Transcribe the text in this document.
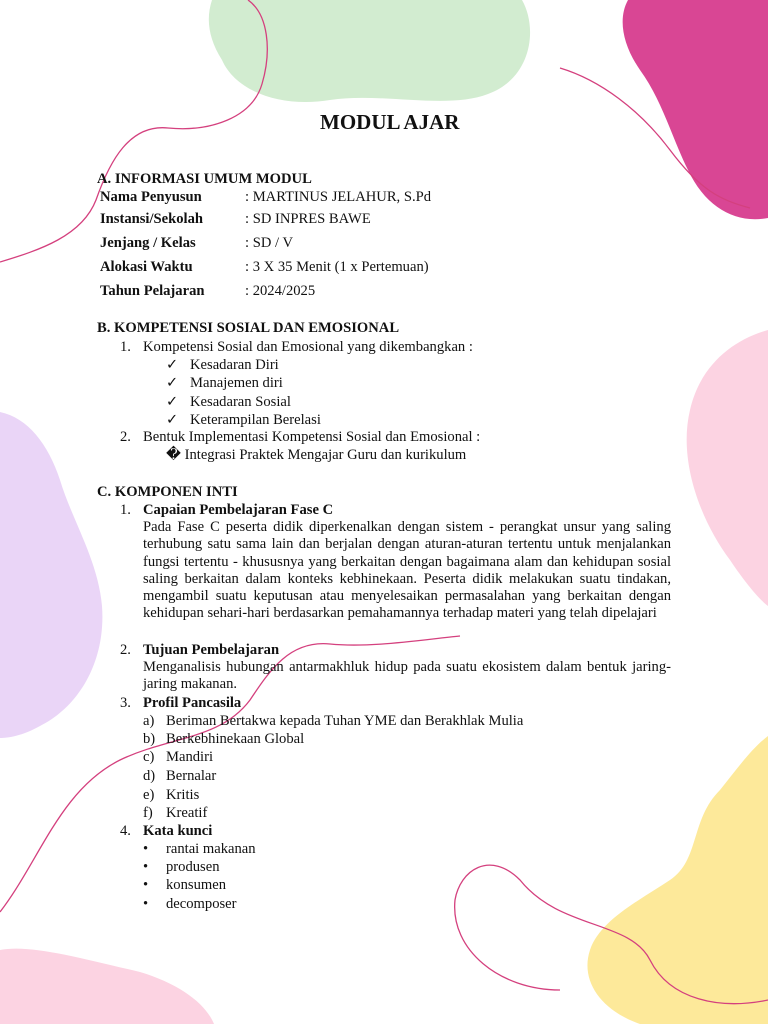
MODUL AJAR
A. INFORMASI UMUM MODUL
Nama Penyusun	: MARTINUS JELAHUR, S.Pd
Instansi/Sekolah	: SD INPRES BAWE
Jenjang / Kelas	: SD / V
Alokasi Waktu	: 3 X 35 Menit (1 x Pertemuan)
Tahun Pelajaran	: 2024/2025
B. KOMPETENSI SOSIAL DAN EMOSIONAL
1. Kompetensi Sosial dan Emosional yang dikembangkan :
✓ Kesadaran Diri
✓ Manajemen diri
✓ Kesadaran Sosial
✓ Keterampilan Berelasi
2. Bentuk Implementasi Kompetensi Sosial dan Emosional :
� Integrasi Praktek Mengajar Guru dan kurikulum
C. KOMPONEN INTI
1. Capaian Pembelajaran Fase C
Pada Fase C peserta didik diperkenalkan dengan sistem - perangkat unsur yang saling terhubung satu sama lain dan berjalan dengan aturan-aturan tertentu untuk menjalankan fungsi tertentu - khususnya yang berkaitan dengan bagaimana alam dan kehidupan sosial saling berkaitan dalam konteks kebhinekaan. Peserta didik melakukan suatu tindakan, mengambil suatu keputusan atau menyelesaikan permasalahan yang berkaitan dengan kehidupan sehari-hari berdasarkan pemahamannya terhadap materi yang telah dipelajari
2. Tujuan Pembelajaran
Menganalisis hubungan antarmakhluk hidup pada suatu ekosistem dalam bentuk jaring-jaring makanan.
3. Profil Pancasila
a) Beriman Bertakwa kepada Tuhan YME dan Berakhlak Mulia
b) Berkebhinekaan Global
c) Mandiri
d) Bernalar
e) Kritis
f) Kreatif
4. Kata kunci
• rantai makanan
• produsen
• konsumen
• decomposer
